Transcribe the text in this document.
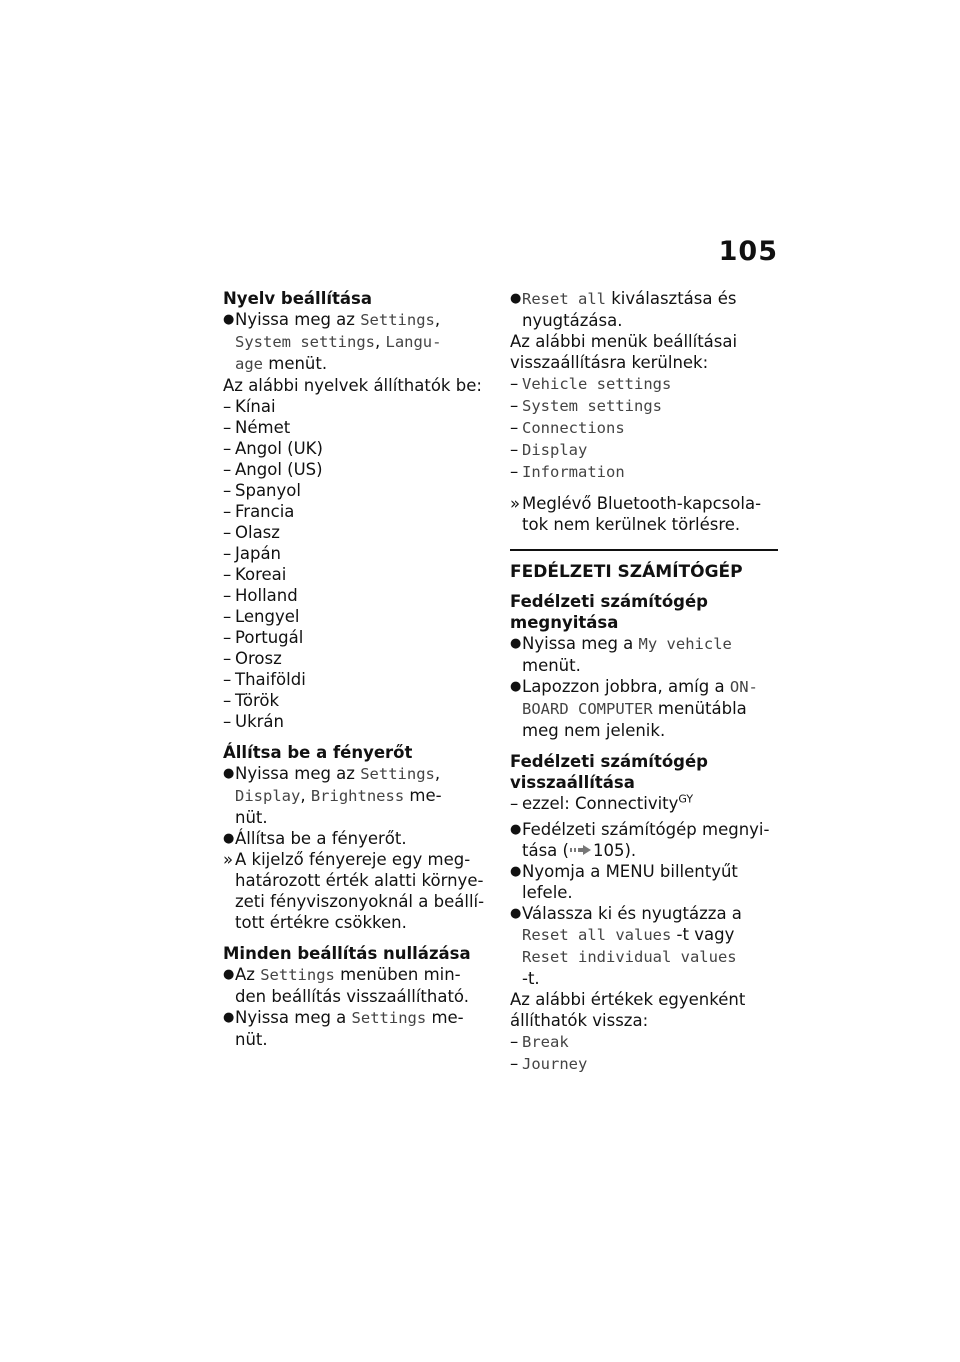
105

Nyelv beállítása

● Nyissa meg az Settings,
System settings, Langu-
age menüt.

Az alábbi nyelvek állíthatók be:

– Kínai
– Német
– Angol (UK)
– Angol (US)
– Spanyol
– Francia
– Olasz
– Japán
– Koreai
– Holland
– Lengyel
– Portugál
– Orosz
– Thaiföldi
– Török
– Ukrán

Állítsa be a fényerőt

● Nyissa meg az Settings,
Display, Brightness me-
nüt.
● Állítsa be a fényerőt.
» A kijelző fényereje egy meg-
határozott érték alatti környe-
zeti fényviszonyoknál a beállí-
tott értékre csökken.

Minden beállítás nullázása

● Az Settings menüben min-
den beállítás visszaállítható.
● Nyissa meg a Settings me-
nüt.
● Reset all kiválasztása és
nyugtázása.

Az alábbi menük beállításai
visszaállításra kerülnek:

– Vehicle settings
– System settings
– Connections
– Display
– Information
» Meglévő Bluetooth-kapcsola-
tok nem kerülnek törlésre.

FEDÉLZETI SZÁMÍTÓGÉP

Fedélzeti számítógép
megnyitása

● Nyissa meg a My vehicle
menüt.
● Lapozzon jobbra, amíg a ON-
BOARD COMPUTER menütábla
meg nem jelenik.

Fedélzeti számítógép
visszaállítása

– ezzel: Connectivity$^{GY}$
● Fedélzeti számítógép megnyi-
tása ( 105).
● Nyomja a MENU billentyűt
lefele.
● Válassza ki és nyugtázza a
Reset all values -t vagy
Reset individual values
-t.

Az alábbi értékek egyenként
állíthatók vissza:

– Break
– Journey
